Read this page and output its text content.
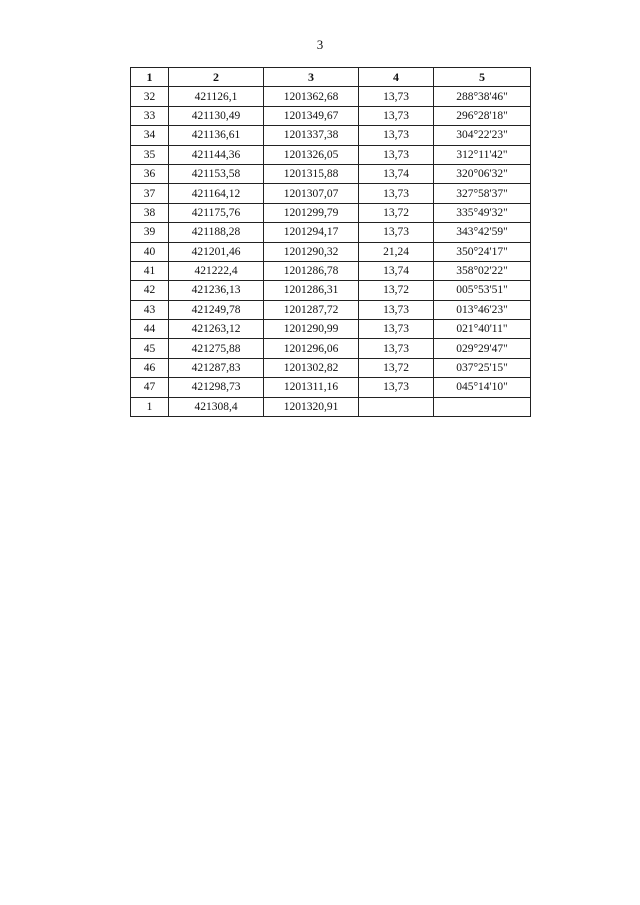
3
1	2	3	4	5
32	421126,1	1201362,68	13,73	288°38'46"
33	421130,49	1201349,67	13,73	296°28'18"
34	421136,61	1201337,38	13,73	304°22'23"
35	421144,36	1201326,05	13,73	312°11'42"
36	421153,58	1201315,88	13,74	320°06'32"
37	421164,12	1201307,07	13,73	327°58'37"
38	421175,76	1201299,79	13,72	335°49'32"
39	421188,28	1201294,17	13,73	343°42'59"
40	421201,46	1201290,32	21,24	350°24'17"
41	421222,4	1201286,78	13,74	358°02'22"
42	421236,13	1201286,31	13,72	005°53'51"
43	421249,78	1201287,72	13,73	013°46'23"
44	421263,12	1201290,99	13,73	021°40'11"
45	421275,88	1201296,06	13,73	029°29'47"
46	421287,83	1201302,82	13,72	037°25'15"
47	421298,73	1201311,16	13,73	045°14'10"
1	421308,4	1201320,91		
